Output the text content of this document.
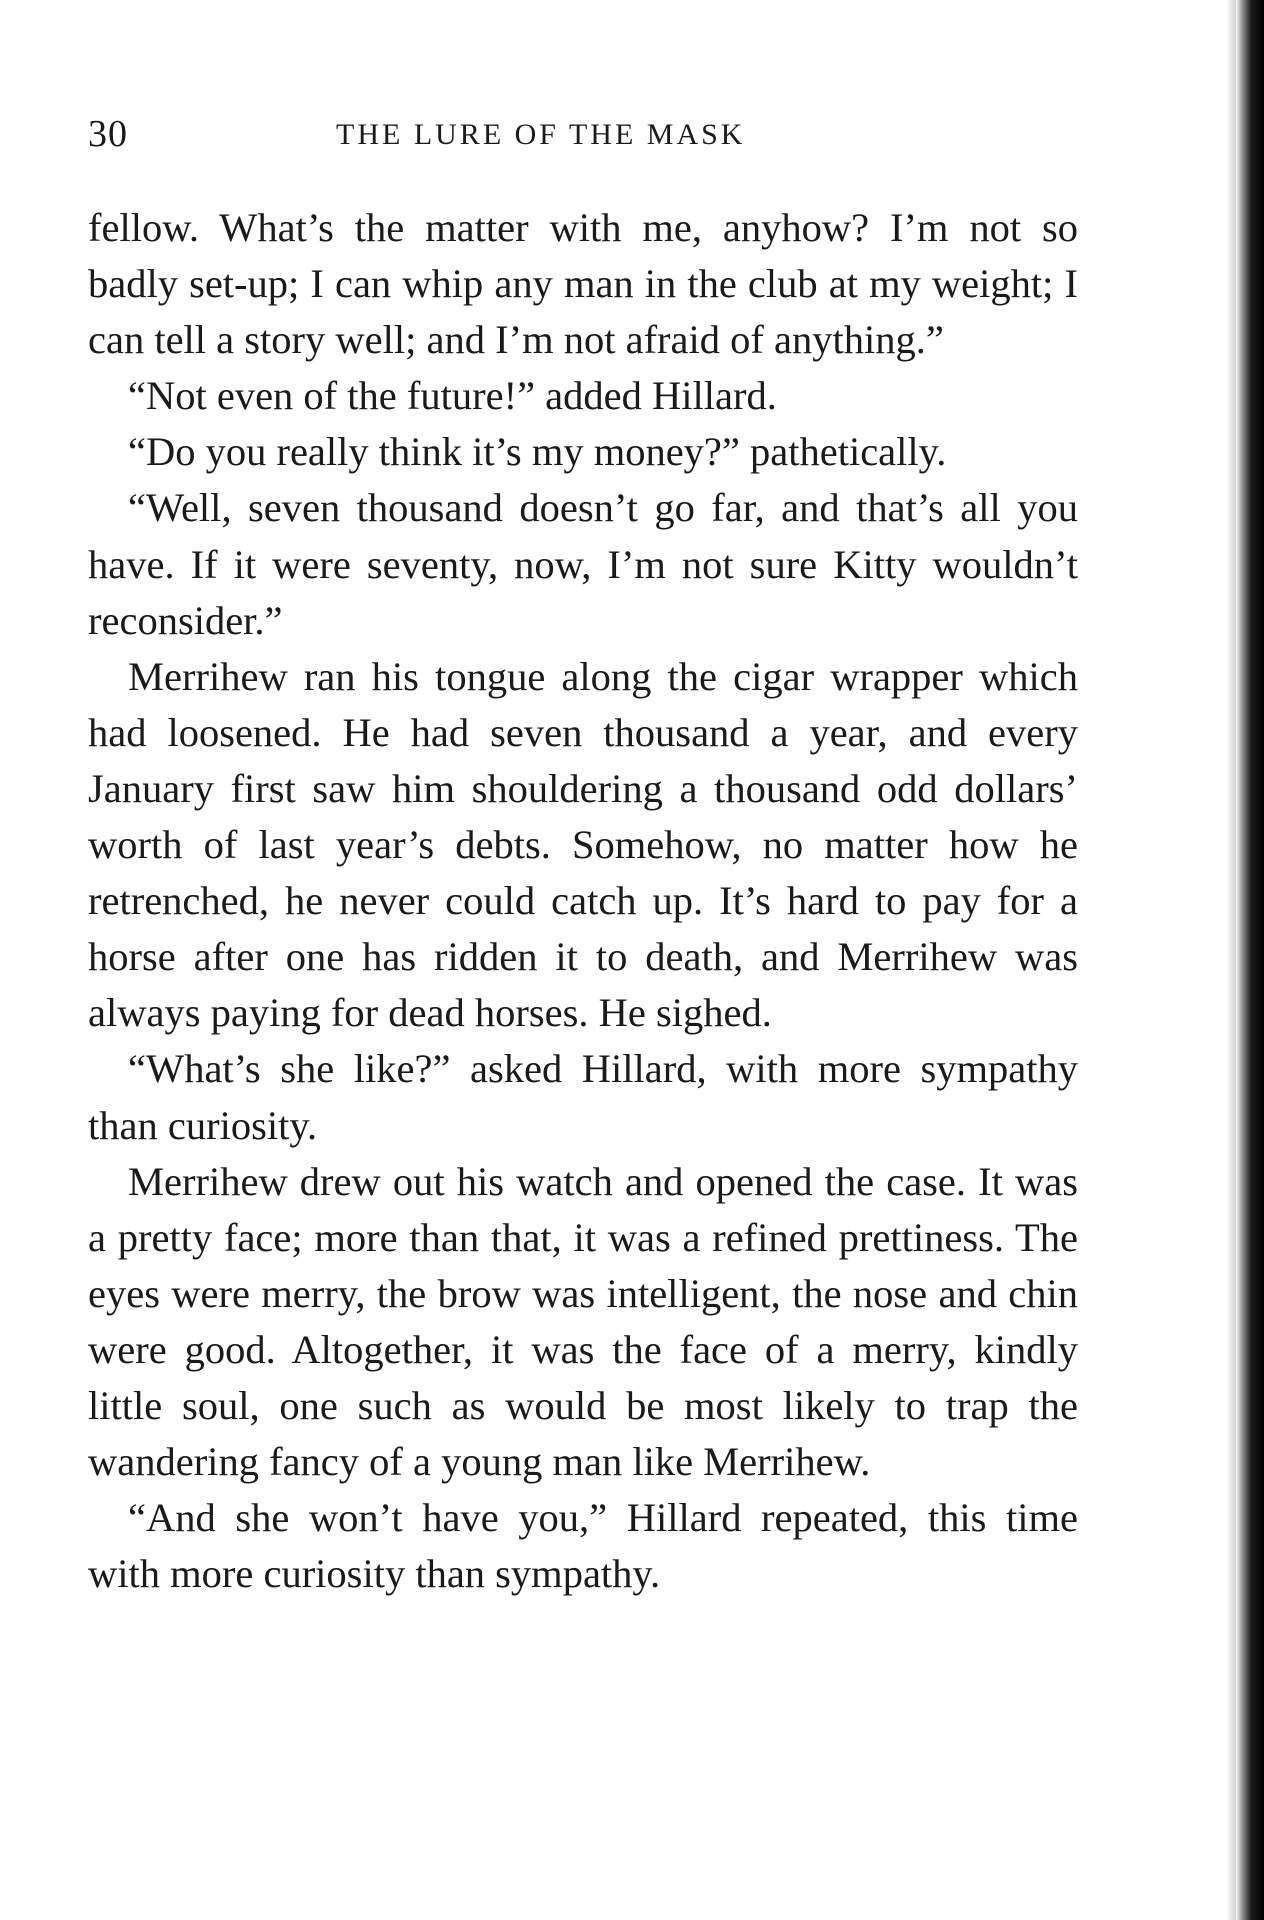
30	THE LURE OF THE MASK

fellow. What’s the matter with me, anyhow? I’m not so badly set-up; I can whip any man in the club at my weight; I can tell a story well; and I’m not afraid of anything.”

“Not even of the future!” added Hillard.

“Do you really think it’s my money?” pathetically.

“Well, seven thousand doesn’t go far, and that’s all you have. If it were seventy, now, I’m not sure Kitty wouldn’t reconsider.”

Merrihew ran his tongue along the cigar wrapper which had loosened. He had seven thousand a year, and every January first saw him shouldering a thousand odd dollars’ worth of last year’s debts. Somehow, no matter how he retrenched, he never could catch up. It’s hard to pay for a horse after one has ridden it to death, and Merrihew was always paying for dead horses. He sighed.

“What’s she like?” asked Hillard, with more sympathy than curiosity.

Merrihew drew out his watch and opened the case. It was a pretty face; more than that, it was a refined prettiness. The eyes were merry, the brow was intelligent, the nose and chin were good. Altogether, it was the face of a merry, kindly little soul, one such as would be most likely to trap the wandering fancy of a young man like Merrihew.

“And she won’t have you,” Hillard repeated, this time with more curiosity than sympathy.
